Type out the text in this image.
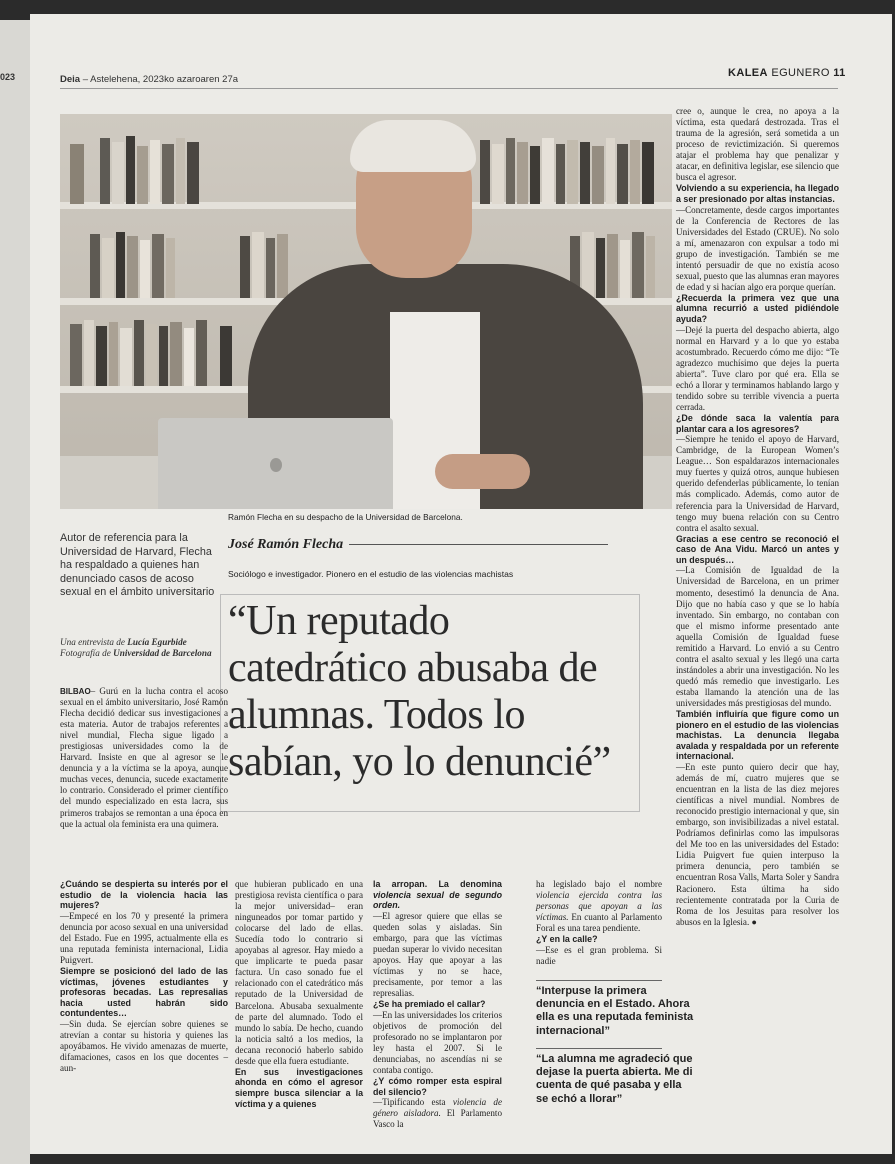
023	Deia – Astelehena, 2023ko azaroaren 27a
KALEA EGUNERO 11
Ramón Flecha en su despacho de la Universidad de Barcelona.
Autor de referencia para la Universidad de Harvard, Flecha ha respaldado a quienes han denunciado casos de acoso sexual en el ámbito universitario
José Ramón Flecha
Sociólogo e investigador. Pionero en el estudio de las violencias machistas
“Un reputado catedrático abusaba de alumnas. Todos lo sabían, yo lo denuncié”
Una entrevista de Lucía Egurbide
Fotografía de Universidad de Barcelona

BILBAO– Gurú en la lucha contra el acoso sexual en el ámbito universitario, José Ramón Flecha decidió dedicar sus investigaciones a esta materia. Autor de trabajos referentes a nivel mundial, Flecha sigue ligado a prestigiosas universidades como la de Harvard. Insiste en que al agresor se le denuncia y a la víctima se la apoya, aunque muchas veces, denuncia, sucede exactamente lo contrario. Considerado el primer científico del mundo especializado en esta lacra, sus primeros trabajos se remontan a una época en que la actual ola feminista era una quimera.

¿Cuándo se despierta su interés por el estudio de la violencia hacia las mujeres?

—Empecé en los 70 y presenté la primera denuncia por acoso sexual en una universidad del Estado. Fue en 1995, actualmente ella es una reputada feminista internacional, Lidia Puigvert.

Siempre se posicionó del lado de las víctimas, jóvenes estudiantes y profesoras becadas. Las represalias hacia usted habrán sido contundentes…

—Sin duda. Se ejercían sobre quienes se atrevían a contar su historia y quienes las apoyábamos. He vivido amenazas de muerte, difamaciones, casos en los que docentes –aun-

que hubieran publicado en una prestigiosa revista científica o para la mejor universidad– eran ninguneados por tomar partido y colocarse del lado de ellas. Sucedía todo lo contrario si apoyabas al agresor. Hay miedo a que implicarte te pueda pasar factura. Un caso sonado fue el relacionado con el catedrático más reputado de la Universidad de Barcelona. Abusaba sexualmente de parte del alumnado. Todo el mundo lo sabía. De hecho, cuando la noticia saltó a los medios, la decana reconoció haberlo sabido desde que ella fuera estudiante.

En sus investigaciones ahonda en cómo el agresor siempre busca silenciar a la víctima y a quienes
la arropan. La denomina violencia sexual de segundo orden.

—El agresor quiere que ellas se queden solas y aisladas. Sin embargo, para que las víctimas puedan superar lo vivido necesitan apoyos. Hay que apoyar a las víctimas y no se hace, precisamente, por temor a las represalias.

¿Se ha premiado el callar?

—En las universidades los criterios objetivos de promoción del profesorado no se implantaron por ley hasta el 2007. Si le denunciabas, no ascendías ni se contaba contigo.

¿Y cómo romper esta espiral del silencio?

—Tipificando esta violencia de género aisladora. El Parlamento Vasco la

ha legislado bajo el nombre violencia ejercida contra las personas que apoyan a las víctimas. En cuanto al Parlamento Foral es una tarea pendiente.

¿Y en la calle?

—Ese es el gran problema. Si nadie

“Interpuse la primera denuncia en el Estado. Ahora ella es una reputada feminista internacional”
“La alumna me agradeció que dejase la puerta abierta. Me di cuenta de qué pasaba y ella se echó a llorar”

cree o, aunque le crea, no apoya a la víctima, esta quedará destrozada. Tras el trauma de la agresión, será sometida a un proceso de revictimización. Si queremos atajar el problema hay que penalizar y atacar, en definitiva legislar, ese silencio que busca el agresor.

Volviendo a su experiencia, ha llegado a ser presionado por altas instancias.

—Concretamente, desde cargos importantes de la Conferencia de Rectores de las Universidades del Estado (CRUE). No solo a mí, amenazaron con expulsar a todo mi grupo de investigación. También se me intentó persuadir de que no existía acoso sexual, puesto que las alumnas eran mayores de edad y si hacían algo era porque querían.

¿Recuerda la primera vez que una alumna recurrió a usted pidiéndole ayuda?

—Dejé la puerta del despacho abierta, algo normal en Harvard y a lo que yo estaba acostumbrado. Recuerdo cómo me dijo: “Te agradezco muchísimo que dejes la puerta abierta”. Tuve claro por qué era. Ella se echó a llorar y terminamos hablando largo y tendido sobre su terrible vivencia a puerta cerrada.

¿De dónde saca la valentía para plantar cara a los agresores?

—Siempre he tenido el apoyo de Harvard, Cambridge, de la European Women’s League… Son espaldarazos internacionales muy fuertes y quizá otros, aunque hubiesen querido defenderlas públicamente, lo tenían más complicado. Además, como autor de referencia para la Universidad de Harvard, tengo muy buena relación con su Centro contra el asalto sexual.

Gracias a ese centro se reconoció el caso de Ana Vidu. Marcó un antes y un después…

—La Comisión de Igualdad de la Universidad de Barcelona, en un primer momento, desestimó la denuncia de Ana. Dijo que no había caso y que se lo había inventado. Sin embargo, no contaban con que el mismo informe presentado ante aquella Comisión de Igualdad fuese remitido a Harvard. Lo envió a su Centro contra el asalto sexual y les llegó una carta instándoles a abrir una investigación. No les quedó más remedio que investigarlo. Les estaba llamando la atención una de las universidades más prestigiosas del mundo.

También influiría que figure como un pionero en el estudio de las violencias machistas. La denuncia llegaba avalada y respaldada por un referente internacional.

—En este punto quiero decir que hay, además de mí, cuatro mujeres que se encuentran en la lista de las diez mejores científicas a nivel mundial. Nombres de reconocido prestigio internacional y que, sin embargo, son invisibilizadas a nivel estatal. Podríamos definirlas como las impulsoras del Me too en las universidades del Estado: Lidia Puigvert fue quien interpuso la primera denuncia, pero también se encuentran Rosa Valls, Marta Soler y Sandra Racionero. Esta última ha sido recientemente contratada por la Curia de Roma de los Jesuitas para resolver los abusos en la Iglesia. ●
